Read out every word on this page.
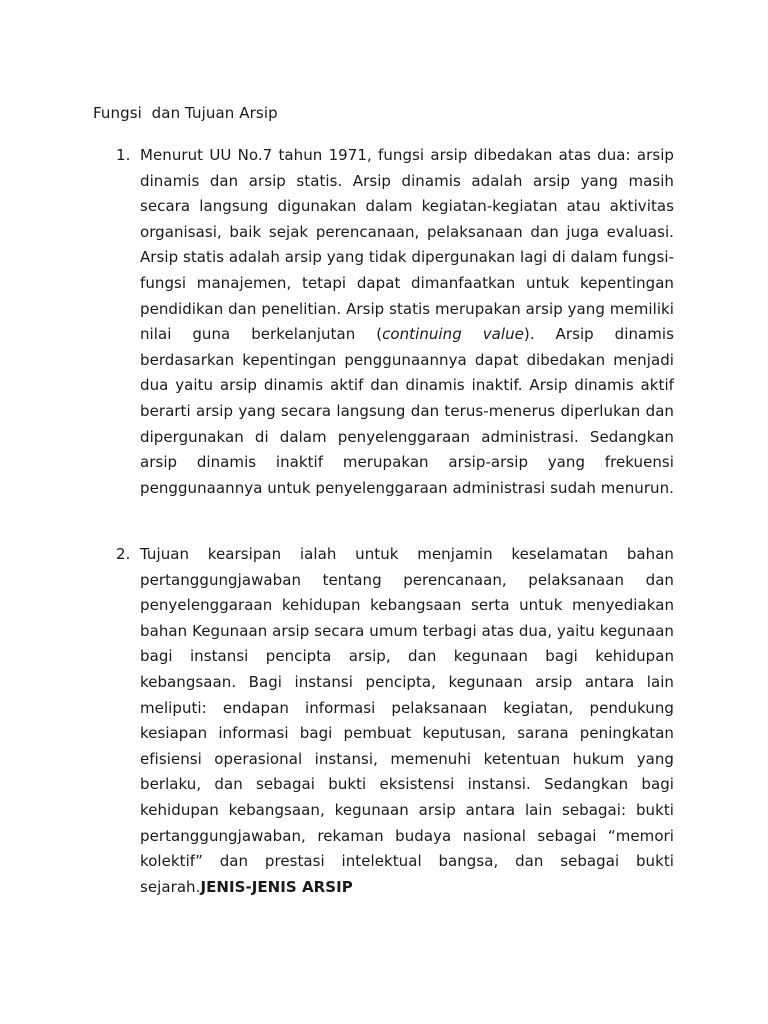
Fungsi  dan Tujuan Arsip
1. Menurut UU No.7 tahun 1971, fungsi arsip dibedakan atas dua: arsip dinamis dan arsip statis. Arsip dinamis adalah arsip yang masih secara langsung digunakan dalam kegiatan-kegiatan atau aktivitas organisasi, baik sejak perencanaan, pelaksanaan dan juga evaluasi. Arsip statis adalah arsip yang tidak dipergunakan lagi di dalam fungsi-fungsi manajemen, tetapi dapat dimanfaatkan untuk kepentingan pendidikan dan penelitian. Arsip statis merupakan arsip yang memiliki nilai guna berkelanjutan (continuing value). Arsip dinamis berdasarkan kepentingan penggunaannya dapat dibedakan menjadi dua yaitu arsip dinamis aktif dan dinamis inaktif. Arsip dinamis aktif berarti arsip yang secara langsung dan terus-menerus diperlukan dan dipergunakan di dalam penyelenggaraan administrasi. Sedangkan arsip dinamis inaktif merupakan arsip-arsip yang frekuensi penggunaannya untuk penyelenggaraan administrasi sudah menurun.

2. Tujuan kearsipan ialah untuk menjamin keselamatan bahan pertanggungjawaban tentang perencanaan, pelaksanaan dan penyelenggaraan kehidupan kebangsaan serta untuk menyediakan bahan Kegunaan arsip secara umum terbagi atas dua, yaitu kegunaan bagi instansi pencipta arsip, dan kegunaan bagi kehidupan kebangsaan. Bagi instansi pencipta, kegunaan arsip antara lain meliputi: endapan informasi pelaksanaan kegiatan, pendukung kesiapan informasi bagi pembuat keputusan, sarana peningkatan efisiensi operasional instansi, memenuhi ketentuan hukum yang berlaku, dan sebagai bukti eksistensi instansi. Sedangkan bagi kehidupan kebangsaan, kegunaan arsip antara lain sebagai: bukti pertanggungjawaban, rekaman budaya nasional sebagai “memori kolektif” dan prestasi intelektual bangsa, dan sebagai bukti sejarah.JENIS-JENIS ARSIP
